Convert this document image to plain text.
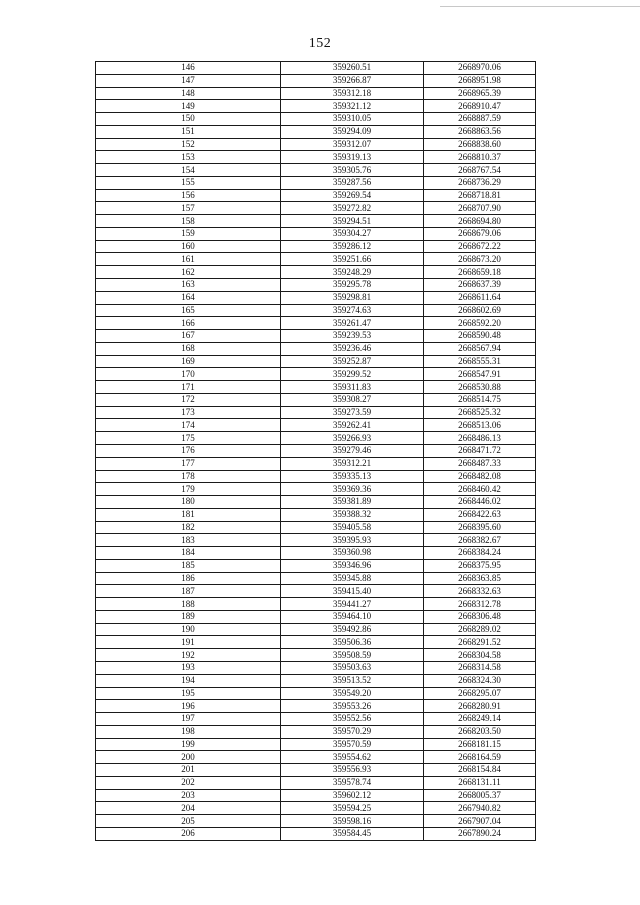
152
146	359260.51	2668970.06
147	359266.87	2668951.98
148	359312.18	2668965.39
149	359321.12	2668910.47
150	359310.05	2668887.59
151	359294.09	2668863.56
152	359312.07	2668838.60
153	359319.13	2668810.37
154	359305.76	2668767.54
155	359287.56	2668736.29
156	359269.54	2668718.81
157	359272.82	2668707.90
158	359294.51	2668694.80
159	359304.27	2668679.06
160	359286.12	2668672.22
161	359251.66	2668673.20
162	359248.29	2668659.18
163	359295.78	2668637.39
164	359298.81	2668611.64
165	359274.63	2668602.69
166	359261.47	2668592.20
167	359239.53	2668590.48
168	359236.46	2668567.94
169	359252.87	2668555.31
170	359299.52	2668547.91
171	359311.83	2668530.88
172	359308.27	2668514.75
173	359273.59	2668525.32
174	359262.41	2668513.06
175	359266.93	2668486.13
176	359279.46	2668471.72
177	359312.21	2668487.33
178	359335.13	2668482.08
179	359369.36	2668460.42
180	359381.89	2668446.02
181	359388.32	2668422.63
182	359405.58	2668395.60
183	359395.93	2668382.67
184	359360.98	2668384.24
185	359346.96	2668375.95
186	359345.88	2668363.85
187	359415.40	2668332.63
188	359441.27	2668312.78
189	359464.10	2668306.48
190	359492.86	2668289.02
191	359506.36	2668291.52
192	359508.59	2668304.58
193	359503.63	2668314.58
194	359513.52	2668324.30
195	359549.20	2668295.07
196	359553.26	2668280.91
197	359552.56	2668249.14
198	359570.29	2668203.50
199	359570.59	2668181.15
200	359554.62	2668164.59
201	359556.93	2668154.84
202	359578.74	2668131.11
203	359602.12	2668005.37
204	359594.25	2667940.82
205	359598.16	2667907.04
206	359584.45	2667890.24
